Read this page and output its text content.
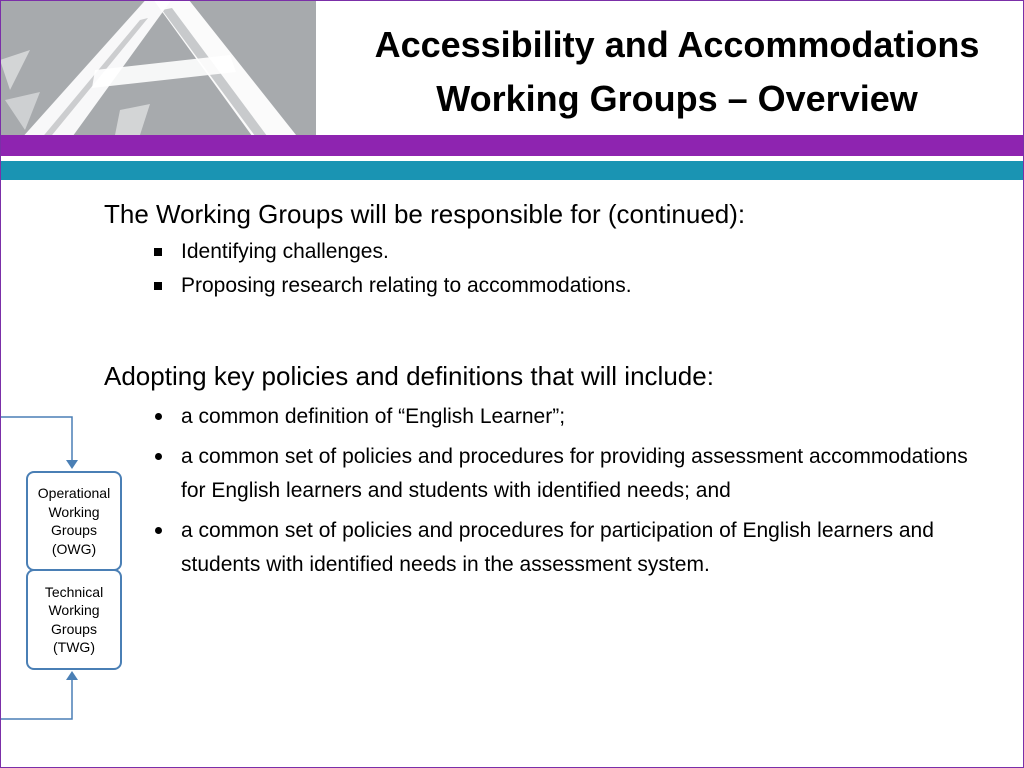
Accessibility and Accommodations
Working Groups – Overview

The Working Groups will be responsible for (continued):

Identifying challenges.
Proposing research relating to accommodations.

Adopting key policies and definitions that will include:

a common definition of “English Learner”;
a common set of policies and procedures for providing assessment accommodations for English learners and students with identified needs; and
a common set of policies and procedures for participation of English learners and students with identified needs in the assessment system.
Operational
Working
Groups
(OWG)
Technical
Working
Groups
(TWG)
